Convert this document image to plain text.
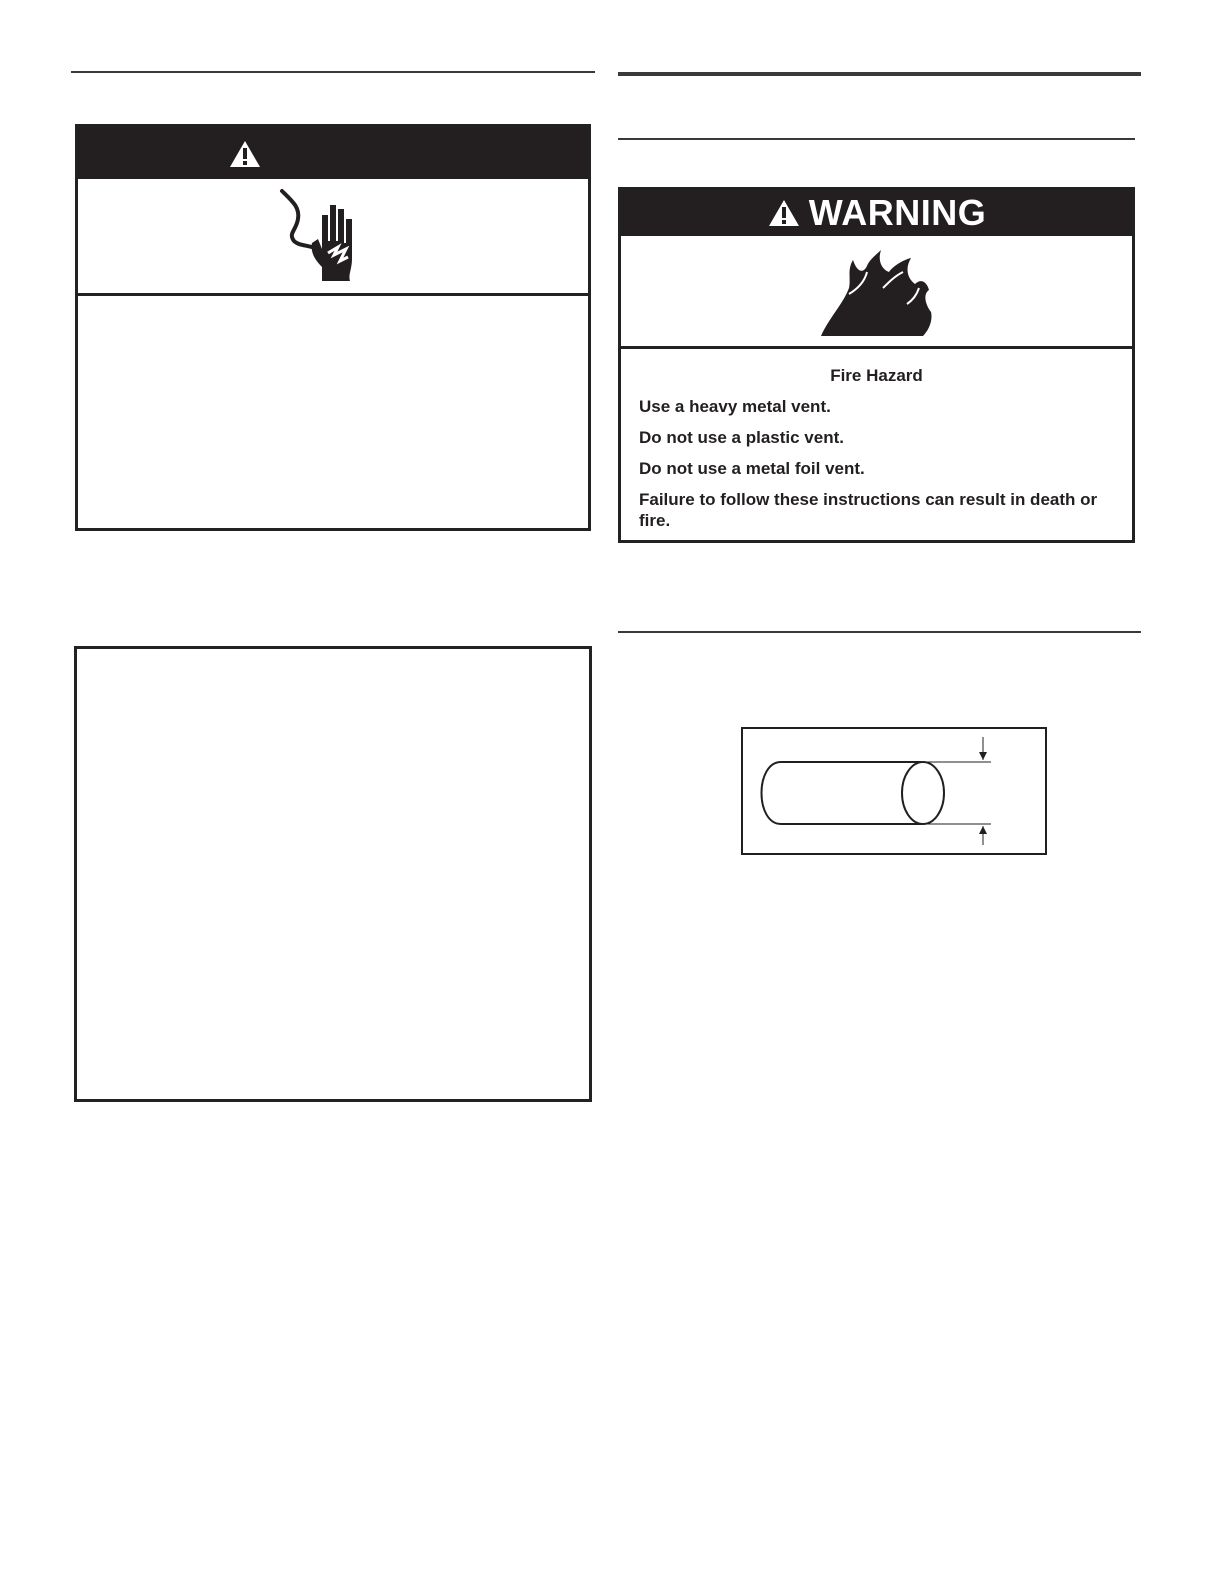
WARNING

Fire Hazard

Use a heavy metal vent.

Do not use a plastic vent.

Do not use a metal foil vent.

Failure to follow these instructions can result in death or fire.
